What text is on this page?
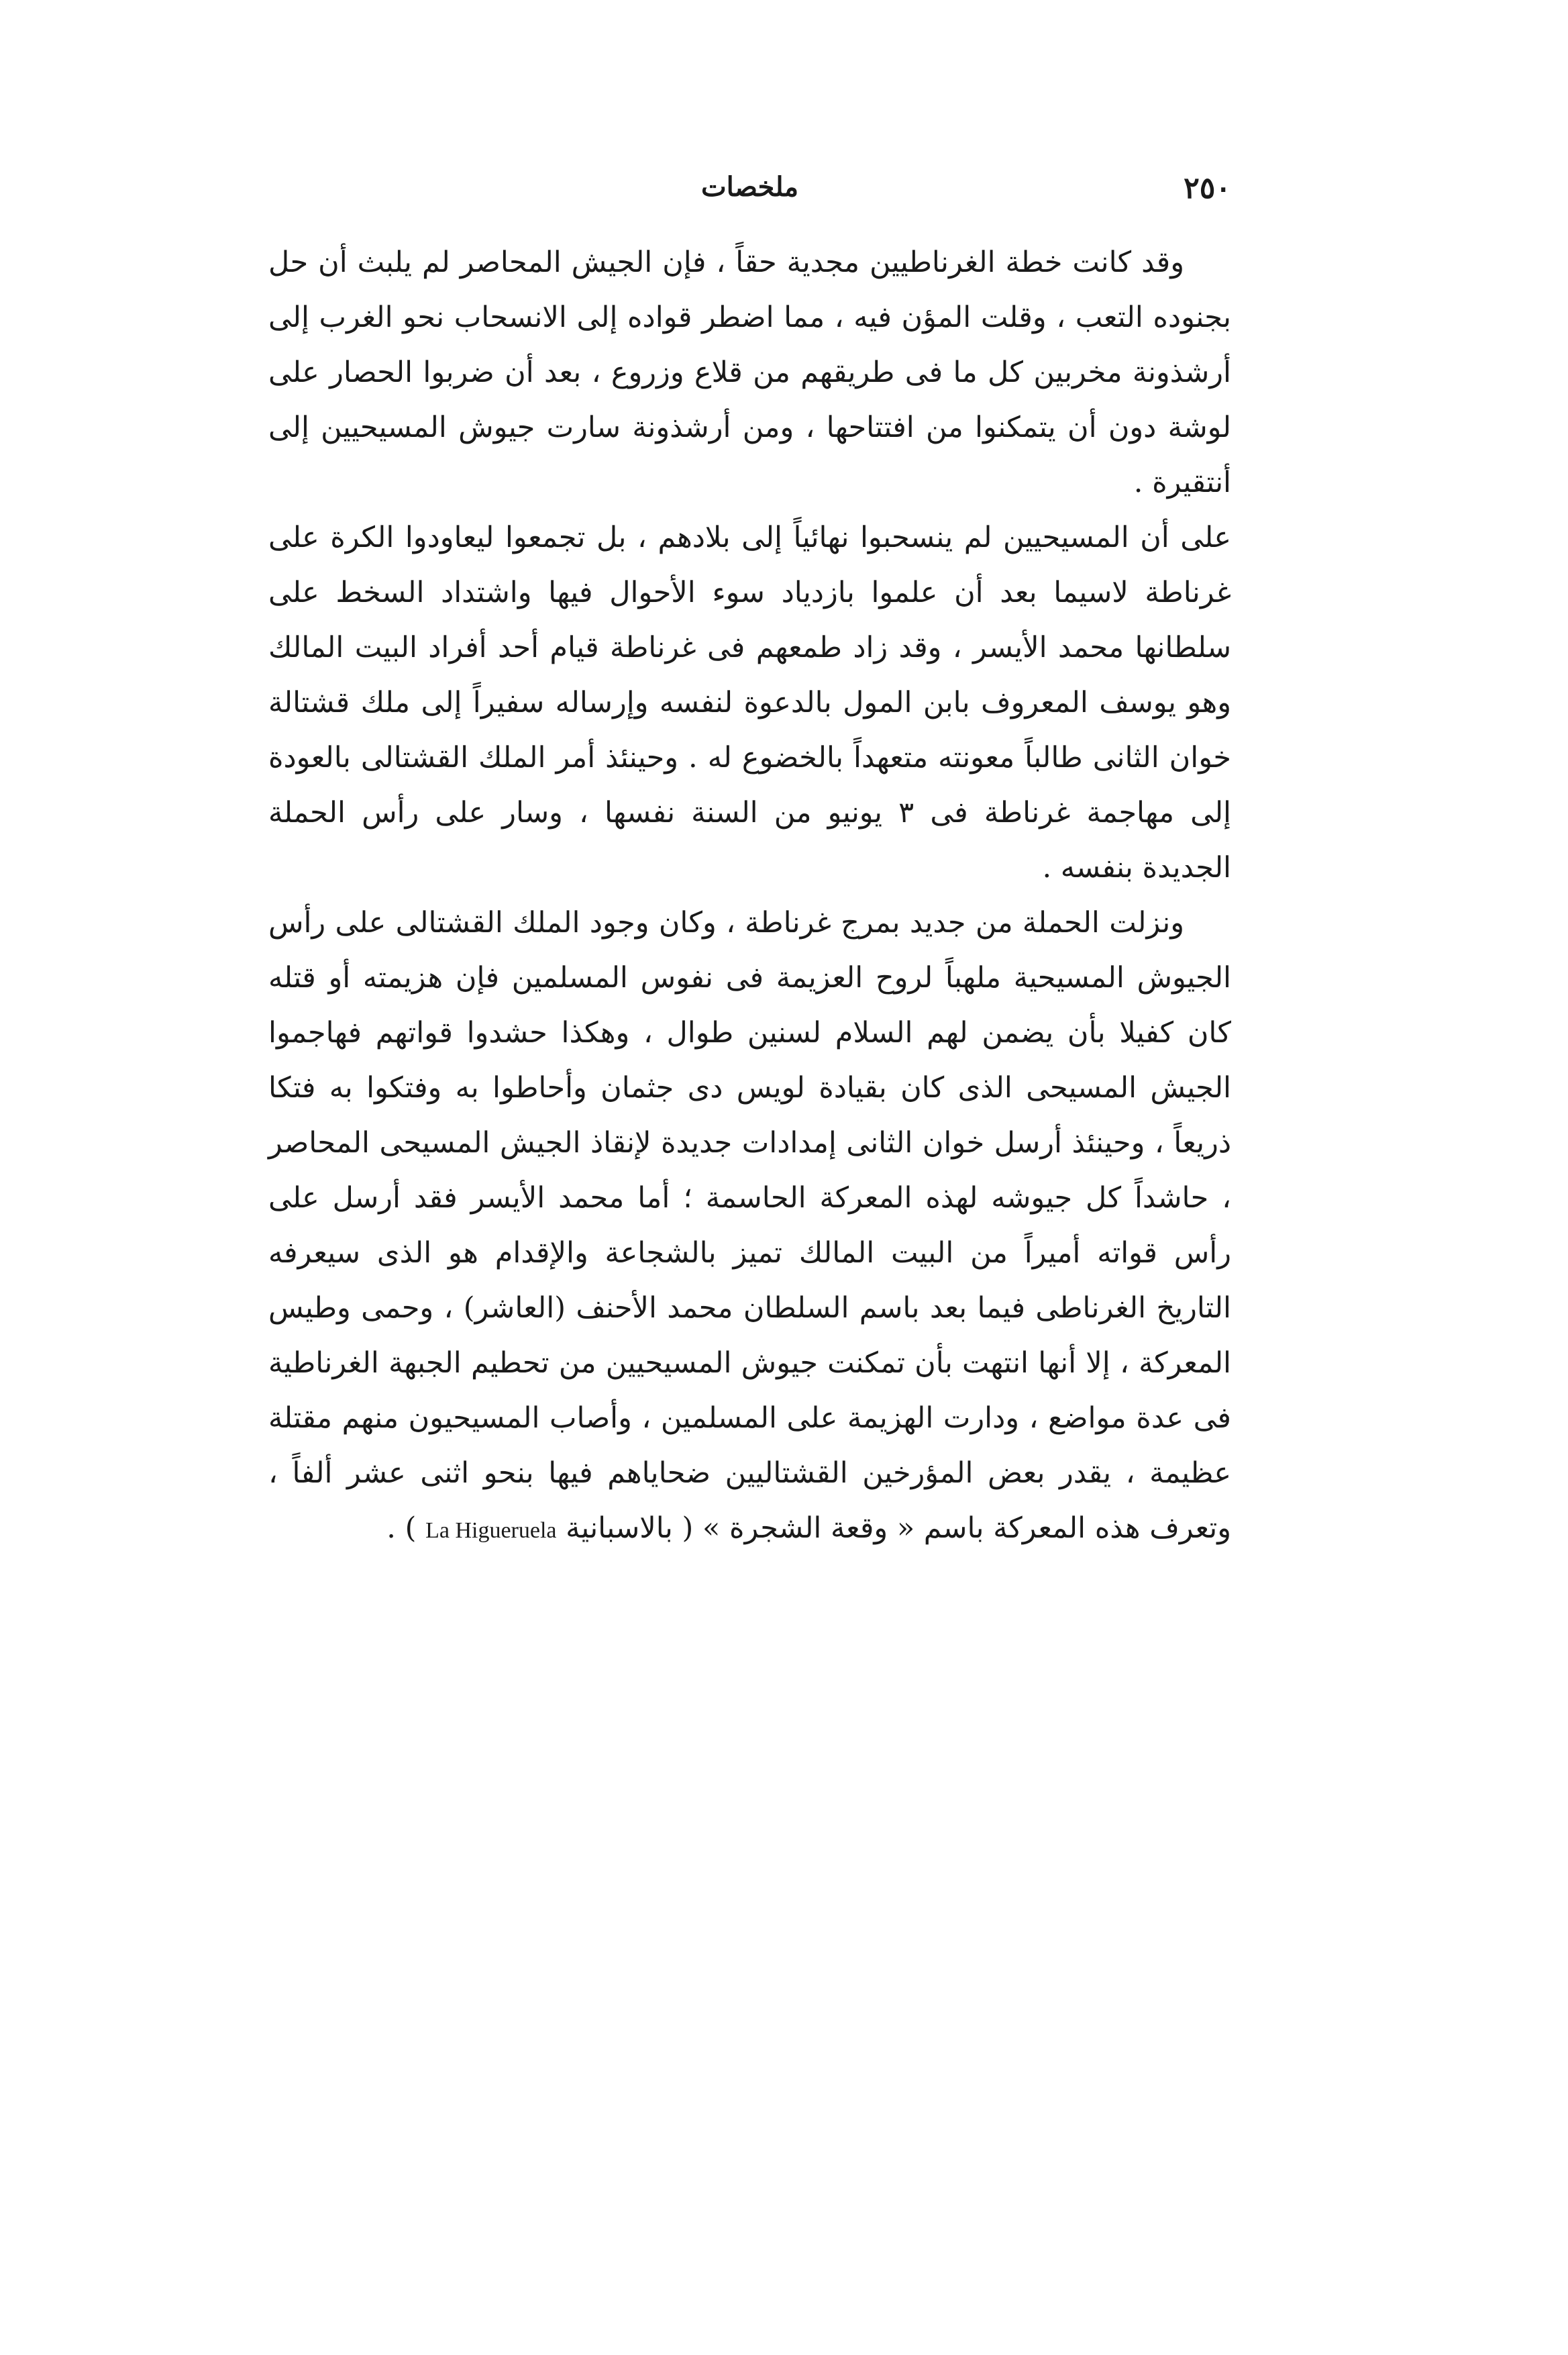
٢٥٠
ملخصات

وقد كانت خطة الغرناطيين مجدية حقاً ، فإن الجيش المحاصر لم يلبث أن حل بجنوده التعب ، وقلت المؤن فيه ، مما اضطر قواده إلى الانسحاب نحو الغرب إلى أرشذونة مخربين كل ما فى طريقهم من قلاع وزروع ، بعد أن ضربوا الحصار على لوشة دون أن يتمكنوا من افتتاحها ، ومن أرشذونة سارت جيوش المسيحيين إلى أنتقيرة .

على أن المسيحيين لم ينسحبوا نهائياً إلى بلادهم ، بل تجمعوا ليعاودوا الكرة على غرناطة لاسيما بعد أن علموا بازدياد سوء الأحوال فيها واشتداد السخط على سلطانها محمد الأيسر ، وقد زاد طمعهم فى غرناطة قيام أحد أفراد البيت المالك وهو يوسف المعروف بابن المول بالدعوة لنفسه وإرساله سفيراً إلى ملك قشتالة خوان الثانى طالباً معونته متعهداً بالخضوع له . وحينئذ أمر الملك القشتالى بالعودة إلى مهاجمة غرناطة فى ٣ يونيو من السنة نفسها ، وسار على رأس الحملة الجديدة بنفسه .

ونزلت الحملة من جديد بمرج غرناطة ، وكان وجود الملك القشتالى على رأس الجيوش المسيحية ملهباً لروح العزيمة فى نفوس المسلمين فإن هزيمته أو قتله كان كفيلا بأن يضمن لهم السلام لسنين طوال ، وهكذا حشدوا قواتهم فهاجموا الجيش المسيحى الذى كان بقيادة لويس دى جثمان وأحاطوا به وفتكوا به فتكا ذريعاً ، وحينئذ أرسل خوان الثانى إمدادات جديدة لإنقاذ الجيش المسيحى المحاصر ، حاشداً كل جيوشه لهذه المعركة الحاسمة ؛ أما محمد الأيسر فقد أرسل على رأس قواته أميراً من البيت المالك تميز بالشجاعة والإقدام هو الذى سيعرفه التاريخ الغرناطى فيما بعد باسم السلطان محمد الأحنف (العاشر) ، وحمى وطيس المعركة ، إلا أنها انتهت بأن تمكنت جيوش المسيحيين من تحطيم الجبهة الغرناطية فى عدة مواضع ، ودارت الهزيمة على المسلمين ، وأصاب المسيحيون منهم مقتلة عظيمة ، يقدر بعض المؤرخين القشتاليين ضحاياهم فيها بنحو اثنى عشر ألفاً ، وتعرف هذه المعركة باسم « وقعة الشجرة » ( بالاسبانية La Higueruela ) .
